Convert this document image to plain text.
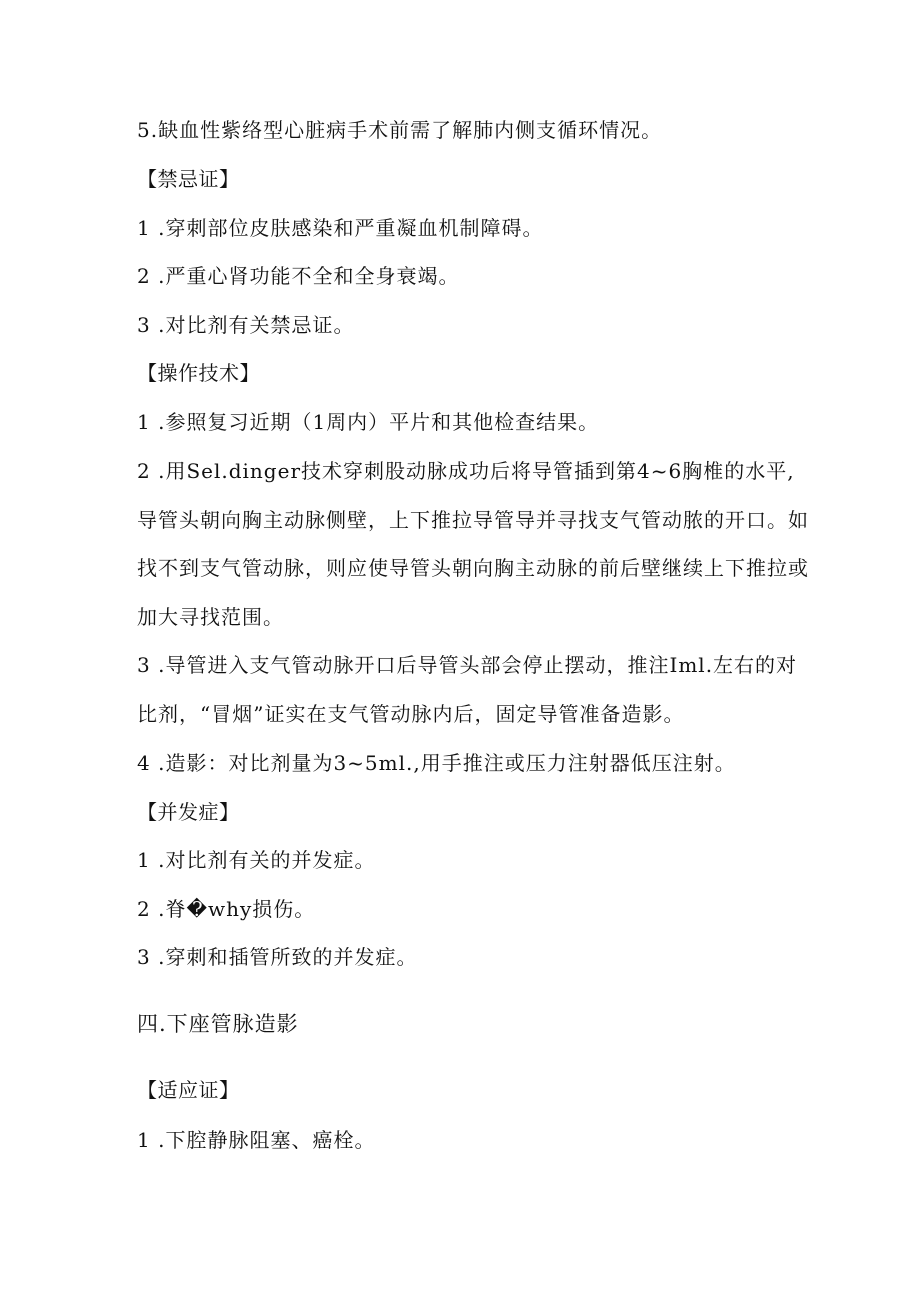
5.缺血性紫络型心脏病手术前需了解肺内侧支循环情况。
【禁忌证】
1 .穿刺部位皮肤感染和严重凝血机制障碍。
2 .严重心肾功能不全和全身衰竭。
3 .对比剂有关禁忌证。
【操作技术】
1 .参照复习近期（1周内）平片和其他检查结果。
2 .用Sel.dinger技术穿刺股动脉成功后将导管插到第4~6胸椎的水平,
导管头朝向胸主动脉侧壁，上下推拉导管导并寻找支气管动脓的开口。如
找不到支气管动脉，则应使导管头朝向胸主动脉的前后壁继续上下推拉或
加大寻找范围。
3 .导管进入支气管动脉开口后导管头部会停止摆动，推注Iml.左右的对
比剂，“冒烟”证实在支气管动脉内后，固定导管准备造影。
4 .造影：对比剂量为3~5ml.,用手推注或压力注射器低压注射。
【并发症】
1 .对比剂有关的并发症。
2 .脊�why损伤。
3 .穿刺和插管所致的并发症。
四.下座管脉造影
【适应证】
1 .下腔静脉阻塞、癌栓。
